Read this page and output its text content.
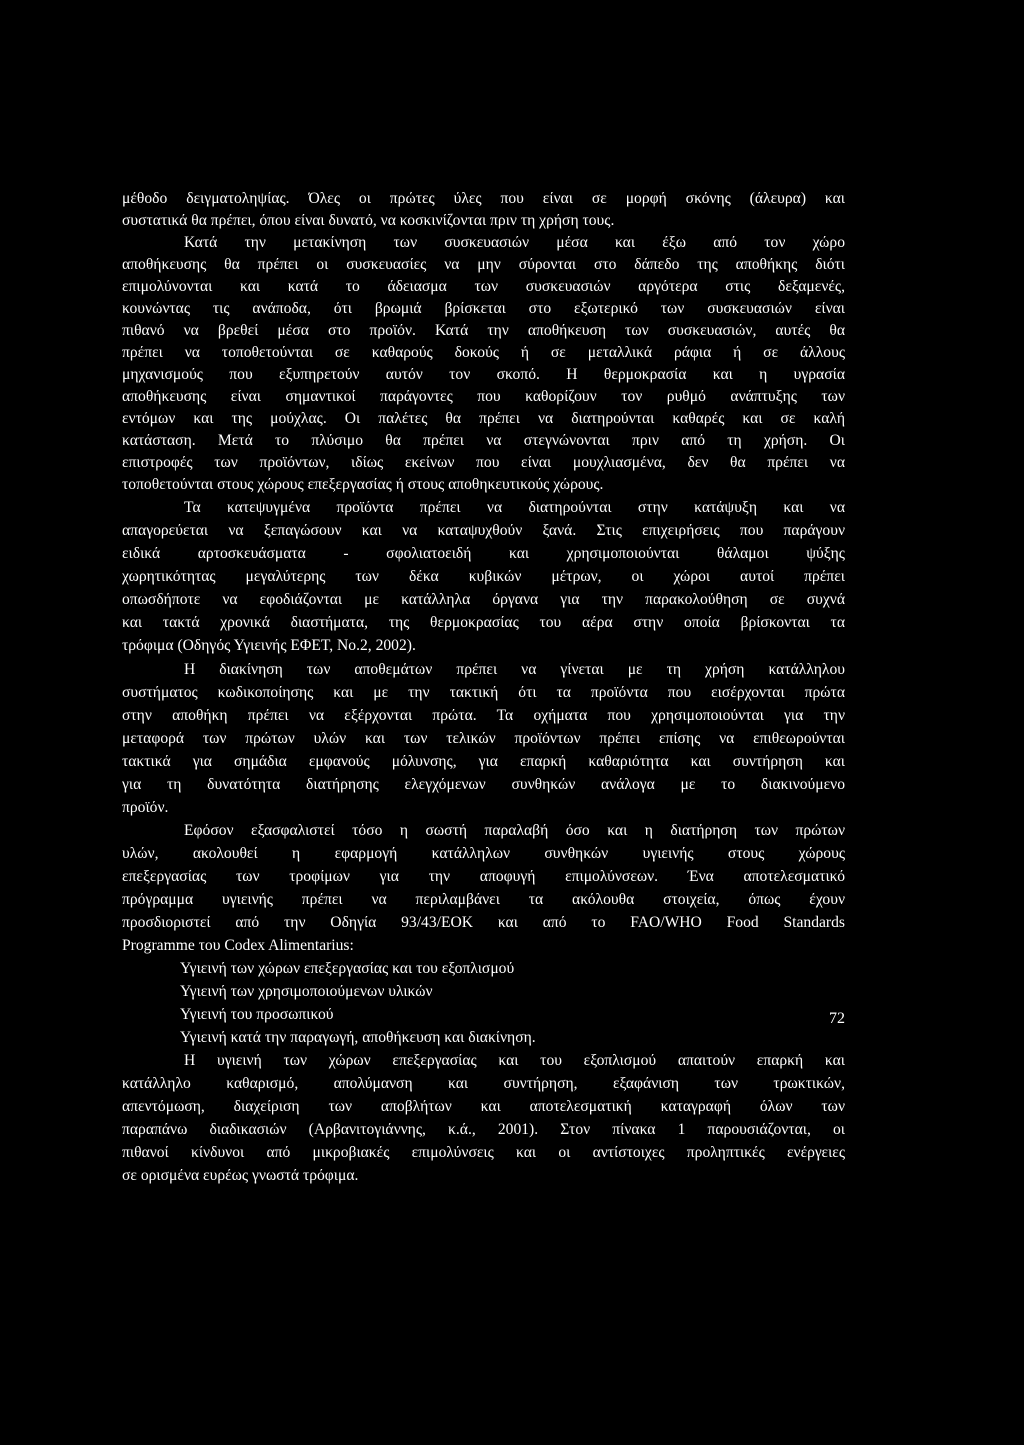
μέθοδο δειγματοληψίας. Όλες οι πρώτες ύλες που είναι σε μορφή σκόνης (άλευρα) και

συστατικά θα πρέπει, όπου είναι δυνατό, να κοσκινίζονται πριν τη χρήση τους.

Κατά την μετακίνηση των συσκευασιών μέσα και έξω από τον χώρο

αποθήκευσης θα πρέπει οι συσκευασίες να μην σύρονται στο δάπεδο της αποθήκης διότι

επιμολύνονται και κατά το άδειασμα των συσκευασιών αργότερα στις δεξαμενές,

κουνώντας τις ανάποδα, ότι βρωμιά βρίσκεται στο εξωτερικό των συσκευασιών είναι

πιθανό να βρεθεί μέσα στο προϊόν. Κατά την αποθήκευση των συσκευασιών, αυτές θα

πρέπει να τοποθετούνται σε καθαρούς δοκούς ή σε μεταλλικά ράφια ή σε άλλους

μηχανισμούς που εξυπηρετούν αυτόν τον σκοπό. Η θερμοκρασία και η υγρασία

αποθήκευσης είναι σημαντικοί παράγοντες που καθορίζουν τον ρυθμό ανάπτυξης των

εντόμων και της μούχλας. Οι παλέτες θα πρέπει να διατηρούνται καθαρές και σε καλή

κατάσταση. Μετά το πλύσιμο θα πρέπει να στεγνώνονται πριν από τη χρήση. Οι

επιστροφές των προϊόντων, ιδίως εκείνων που είναι μουχλιασμένα, δεν θα πρέπει να

τοποθετούνται στους χώρους επεξεργασίας ή στους αποθηκευτικούς χώρους.

Τα κατεψυγμένα προϊόντα πρέπει να διατηρούνται στην κατάψυξη και να

απαγορεύεται να ξεπαγώσουν και να καταψυχθούν ξανά. Στις επιχειρήσεις που παράγουν

ειδικά αρτοσκευάσματα - σφολιατοειδή και χρησιμοποιούνται θάλαμοι ψύξης

χωρητικότητας μεγαλύτερης των δέκα κυβικών μέτρων, οι χώροι αυτοί πρέπει

οπωσδήποτε να εφοδιάζονται με κατάλληλα όργανα για την παρακολούθηση σε συχνά

και τακτά χρονικά διαστήματα, της θερμοκρασίας του αέρα στην οποία βρίσκονται τα

τρόφιμα (Οδηγός Υγιεινής ΕΦΕΤ, Νο.2, 2002).

Η διακίνηση των αποθεμάτων πρέπει να γίνεται με τη χρήση κατάλληλου

συστήματος κωδικοποίησης και με την τακτική ότι τα προϊόντα που εισέρχονται πρώτα

στην αποθήκη πρέπει να εξέρχονται πρώτα. Τα οχήματα που χρησιμοποιούνται για την

μεταφορά των πρώτων υλών και των τελικών προϊόντων πρέπει επίσης να επιθεωρούνται

τακτικά για σημάδια εμφανούς μόλυνσης, για επαρκή καθαριότητα και συντήρηση και

για τη δυνατότητα διατήρησης ελεγχόμενων συνθηκών ανάλογα με το διακινούμενο

προϊόν.

Εφόσον εξασφαλιστεί τόσο η σωστή παραλαβή όσο και η διατήρηση των πρώτων

υλών, ακολουθεί η εφαρμογή κατάλληλων συνθηκών υγιεινής στους χώρους

επεξεργασίας των τροφίμων για την αποφυγή επιμολύνσεων. Ένα αποτελεσματικό

πρόγραμμα υγιεινής πρέπει να περιλαμβάνει τα ακόλουθα στοιχεία, όπως έχουν

προσδιοριστεί από την Οδηγία 93/43/ΕΟΚ και από το FAO/WHO Food Standards

Programme του Codex Alimentarius:

Υγιεινή των χώρων επεξεργασίας και του εξοπλισμού

Υγιεινή των χρησιμοποιούμενων υλικών

Υγιεινή του προσωπικού

Υγιεινή κατά την παραγωγή, αποθήκευση και διακίνηση.

Η υγιεινή των χώρων επεξεργασίας και του εξοπλισμού απαιτούν επαρκή και

κατάλληλο καθαρισμό, απολύμανση και συντήρηση, εξαφάνιση των τρωκτικών,

απεντόμωση, διαχείριση των αποβλήτων και αποτελεσματική καταγραφή όλων των

παραπάνω διαδικασιών (Αρβανιτογιάννης, κ.ά., 2001). Στον πίνακα 1 παρουσιάζονται, οι

πιθανοί κίνδυνοι από μικροβιακές επιμολύνσεις και οι αντίστοιχες προληπτικές ενέργειες

σε ορισμένα ευρέως γνωστά τρόφιμα.

72
